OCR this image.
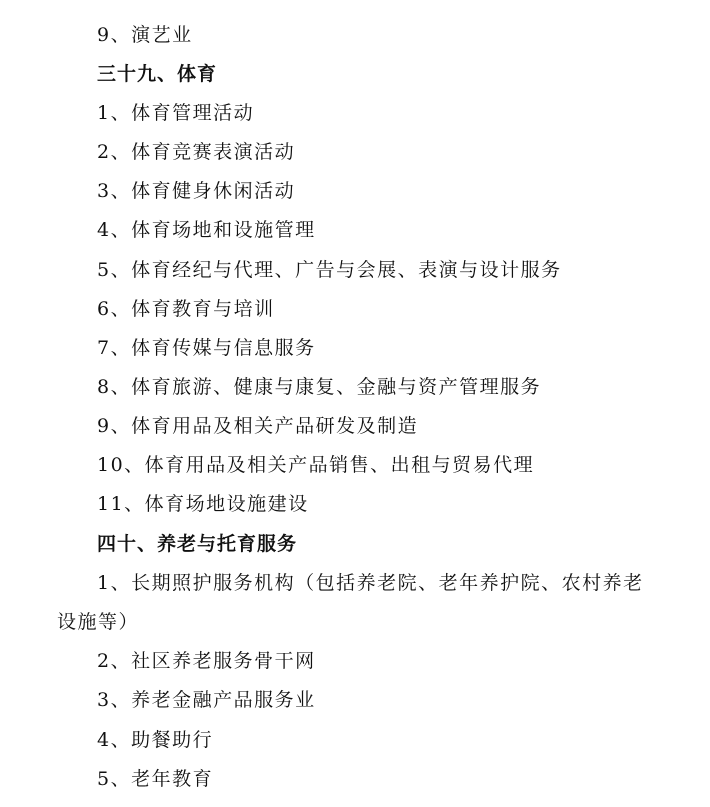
9、演艺业
三十九、体育
1、体育管理活动
2、体育竞赛表演活动
3、体育健身休闲活动
4、体育场地和设施管理
5、体育经纪与代理、广告与会展、表演与设计服务
6、体育教育与培训
7、体育传媒与信息服务
8、体育旅游、健康与康复、金融与资产管理服务
9、体育用品及相关产品研发及制造
10、体育用品及相关产品销售、出租与贸易代理
11、体育场地设施建设
四十、养老与托育服务
1、长期照护服务机构（包括养老院、老年养护院、农村养老
设施等）
2、社区养老服务骨干网
3、养老金融产品服务业
4、助餐助行
5、老年教育
